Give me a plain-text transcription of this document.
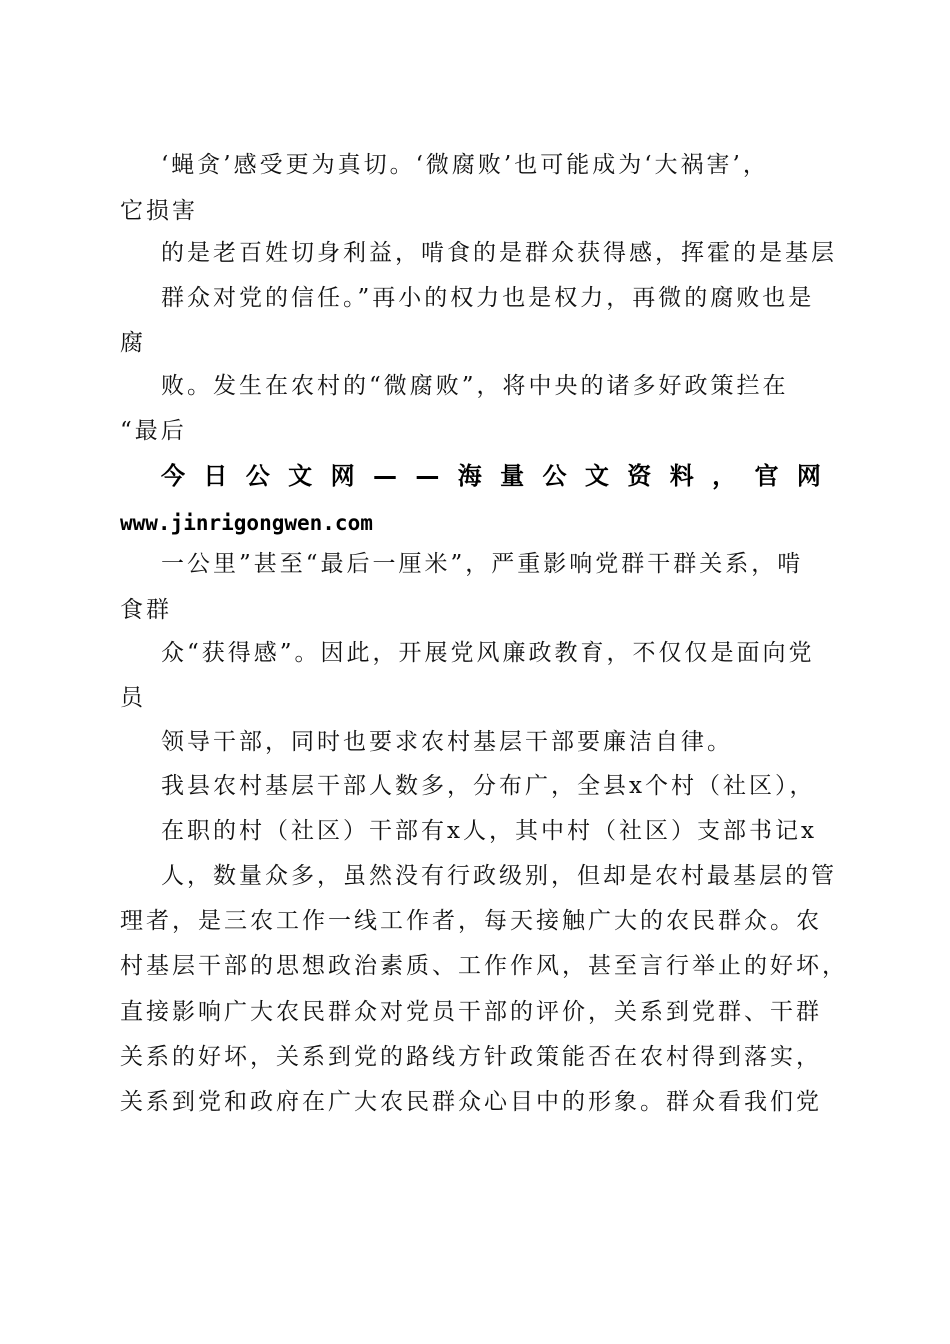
‘蝇贪’感受更为真切。‘微腐败’也可能成为‘大祸害’，

它损害

的是老百姓切身利益，啃食的是群众获得感，挥霍的是基层

群众对党的信任。”再小的权力也是权力，再微的腐败也是

腐

败。发生在农村的“微腐败”，将中央的诸多好政策拦在

“最后

今 日 公 文 网 — — 海 量 公 文 资 料 ， 官 网

www.jinrigongwen.com

一公里”甚至“最后一厘米”，严重影响党群干群关系，啃

食群

众“获得感”。因此，开展党风廉政教育，不仅仅是面向党

员

领导干部，同时也要求农村基层干部要廉洁自律。

我县农村基层干部人数多，分布广，全县x个村（社区），

在职的村（社区）干部有x人，其中村（社区）支部书记x

人，数量众多，虽然没有行政级别，但却是农村最基层的管

理者，是三农工作一线工作者，每天接触广大的农民群众。农

村基层干部的思想政治素质、工作作风，甚至言行举止的好坏，

直接影响广大农民群众对党员干部的评价，关系到党群、干群

关系的好坏，关系到党的路线方针政策能否在农村得到落实，

关系到党和政府在广大农民群众心目中的形象。群众看我们党
